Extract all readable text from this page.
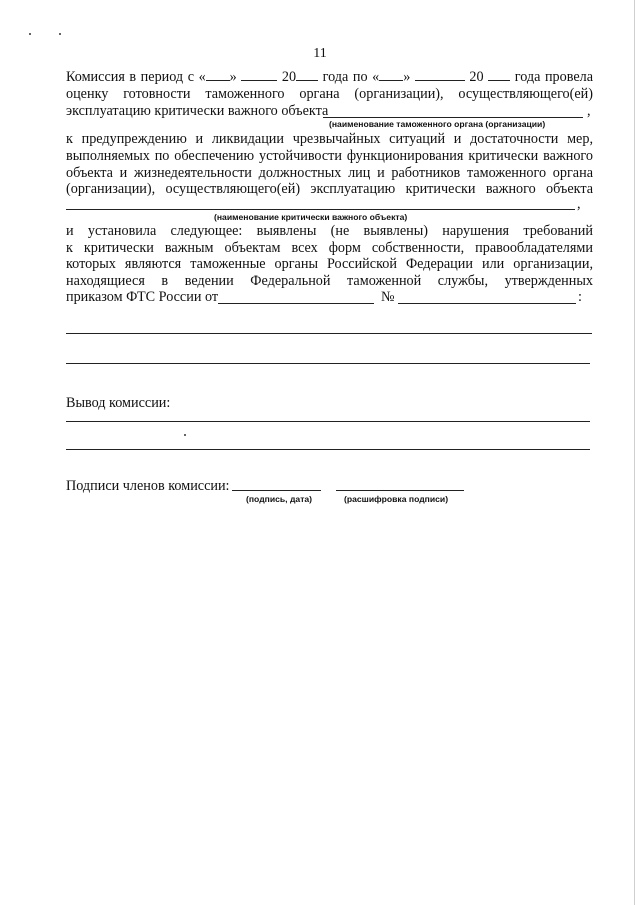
11
Комиссия в период с « »	20 года по « »	20 года провела
оценку готовности таможенного органа (организации), осуществляющего(ей)
эксплуатацию критически важного объекта	,
(наименование таможенного органа (организации)
к предупреждению и ликвидации чрезвычайных ситуаций и достаточности мер,
выполняемых по обеспечению устойчивости функционирования критически важного
объекта и жизнедеятельности должностных лиц и работников таможенного органа
(организации), осуществляющего(ей) эксплуатацию критически важного объекта
,
(наименование критически важного объекта)
и установила следующее: выявлены (не выявлены) нарушения требований
к критически важным объектам всех форм собственности, правообладателями
которых являются таможенные органы Российской Федерации или организации,
находящиеся в ведении Федеральной таможенной службы, утвержденных
приказом ФТС России от	№	:
Вывод комиссии:
Подписи членов комиссии:
(подпись, дата)	(расшифровка подписи)
